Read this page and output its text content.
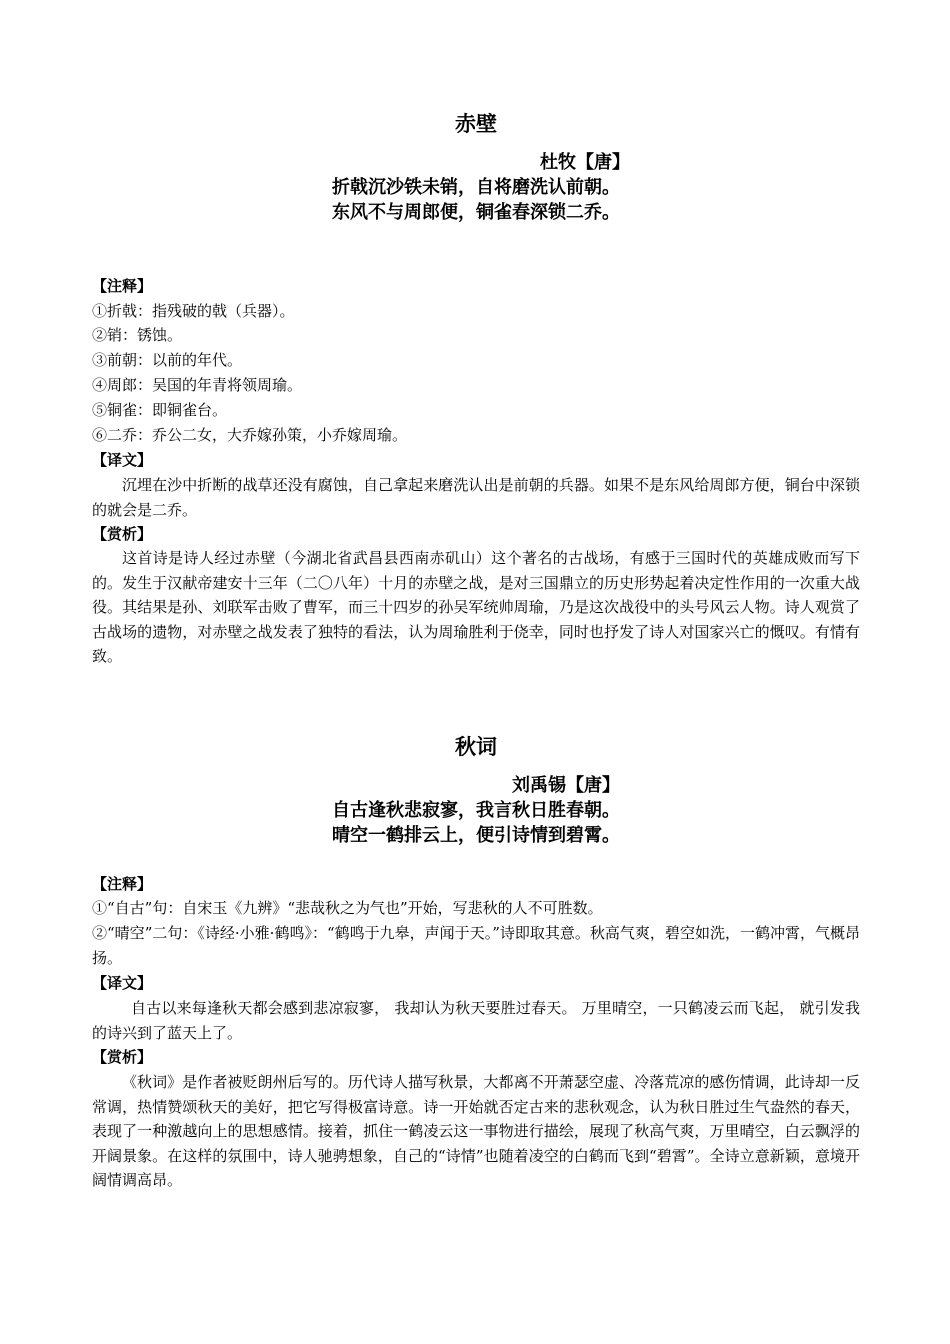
赤壁
杜牧【唐】
折戟沉沙铁未销，自将磨洗认前朝。
东风不与周郎便，铜雀春深锁二乔。
【注释】
①折戟：指残破的戟（兵器）。
②销：锈蚀。
③前朝：以前的年代。
④周郎：吴国的年青将领周瑜。
⑤铜雀：即铜雀台。
⑥二乔：乔公二女，大乔嫁孙策，小乔嫁周瑜。
【译文】
沉埋在沙中折断的战草还没有腐蚀，自己拿起来磨洗认出是前朝的兵器。如果不是东风给周郎方便，铜台中深锁的就会是二乔。
【赏析】
这首诗是诗人经过赤壁（今湖北省武昌县西南赤矶山）这个著名的古战场，有感于三国时代的英雄成败而写下的。发生于汉献帝建安十三年（二〇八年）十月的赤壁之战，是对三国鼎立的历史形势起着决定性作用的一次重大战役。其结果是孙、刘联军击败了曹军，而三十四岁的孙吴军统帅周瑜，乃是这次战役中的头号风云人物。诗人观赏了古战场的遗物，对赤壁之战发表了独特的看法，认为周瑜胜利于侥幸，同时也抒发了诗人对国家兴亡的慨叹。有情有致。
秋词
刘禹锡【唐】
自古逢秋悲寂寥，我言秋日胜春朝。
晴空一鹤排云上，便引诗情到碧霄。
【注释】
①“自古”句：自宋玉《九辨》“悲哉秋之为气也”开始，写悲秋的人不可胜数。
②“晴空”二句：《诗经·小雅·鹤鸣》：“鹤鸣于九皋，声闻于天。”诗即取其意。秋高气爽，碧空如洗，一鹤冲霄，气概昂扬。
【译文】
自古以来每逢秋天都会感到悲凉寂寥， 我却认为秋天要胜过春天。 万里晴空，一只鹤凌云而飞起， 就引发我的诗兴到了蓝天上了。
【赏析】
《秋词》是作者被贬朗州后写的。历代诗人描写秋景，大都离不开萧瑟空虚、冷落荒凉的感伤情调，此诗却一反常调，热情赞颂秋天的美好，把它写得极富诗意。诗一开始就否定古来的悲秋观念，认为秋日胜过生气盎然的春天，表现了一种激越向上的思想感情。接着，抓住一鹤凌云这一事物进行描绘，展现了秋高气爽，万里晴空，白云飘浮的开阔景象。在这样的氛围中，诗人驰骋想象，自己的“诗情”也随着凌空的白鹤而飞到“碧霄”。全诗立意新颖，意境开阔情调高昂。
